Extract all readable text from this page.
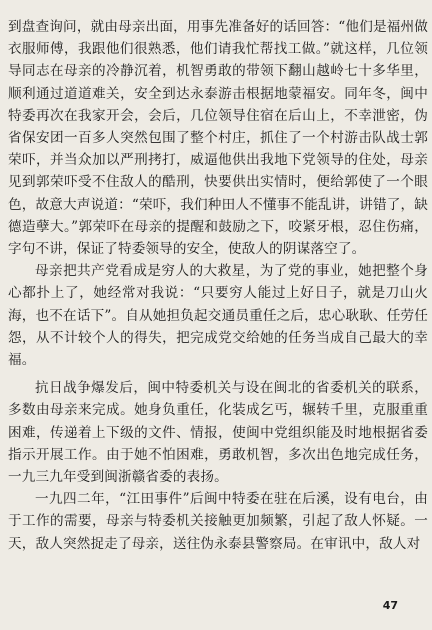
到盘查询问，就由母亲出面，用事先准备好的话回答：“他们是福州做衣服师傅，我跟他们很熟悉，他们请我忙帮找工做。”就这样，几位领导同志在母亲的冷静沉着，机智勇敢的带领下翻山越岭七十多华里，顺利通过道道难关，安全到达永泰游击根据地蒙福安。同年冬，闽中特委再次在我家开会，会后，几位领导住宿在后山上，不幸泄密，伪省保安团一百多人突然包围了整个村庄，抓住了一个村游击队战士郭荣吓，并当众加以严刑拷打，威逼他供出我地下党领导的住处，母亲见到郭荣吓受不住敌人的酷刑，快要供出实情时，便给郭使了一个眼色，故意大声说道：“荣吓，我们种田人不懂事不能乱讲，讲错了，缺德造孽大。”郭荣吓在母亲的提醒和鼓励之下，咬紧牙根，忍住伤痛，字句不讲，保证了特委领导的安全，使敌人的阴谋落空了。

母亲把共产党看成是穷人的大救星，为了党的事业，她把整个身心都扑上了，她经常对我说：“只要穷人能过上好日子，就是刀山火海，也不在话下”。自从她担负起交通员重任之后，忠心耿耿、任劳任怨，从不计较个人的得失，把完成党交给她的任务当成自己最大的幸福。

抗日战争爆发后，闽中特委机关与设在闽北的省委机关的联系，多数由母亲来完成。她身负重任，化装成乞丐，辗转千里，克服重重困难，传递着上下级的文件、情报，使闽中党组织能及时地根据省委指示开展工作。由于她不怕困难，勇敢机智，多次出色地完成任务，一九三九年受到闽浙赣省委的表扬。

一九四二年，“江田事件”后闽中特委在驻在后溪，设有电台，由于工作的需要，母亲与特委机关接触更加频繁，引起了敌人怀疑。一天，敌人突然捉走了母亲，送往伪永泰县警察局。在审讯中，敌人对

47
